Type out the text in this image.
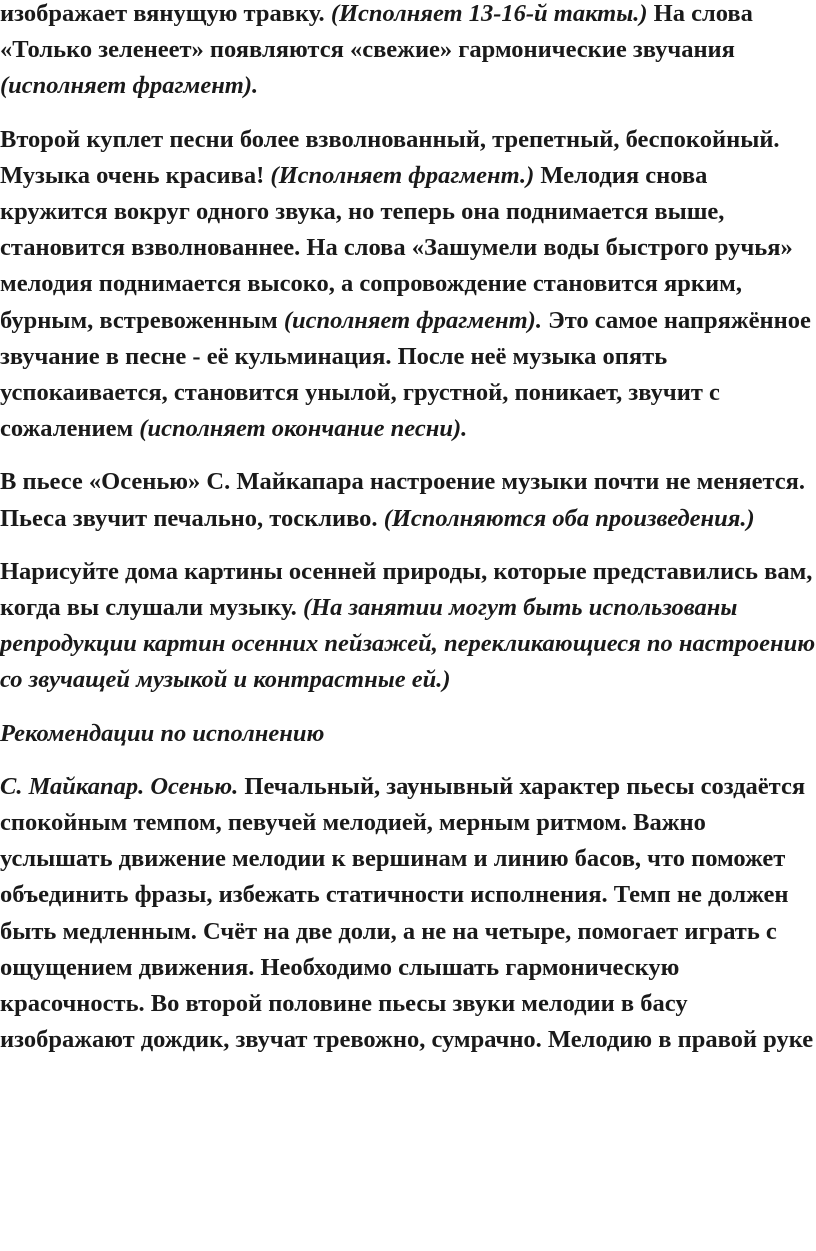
изображает вянущую травку. (Исполняет 13-16-й такты.) На слова «Только зеленеет» появляются «свежие» гармонические звучания (исполняет фрагмент).

Второй куплет песни более взволнованный, трепетный, беспокойный. Музыка очень красива! (Исполняет фрагмент.) Мелодия снова кружится вокруг одного звука, но теперь она поднимается выше, становится взволнованнее. На слова «Зашумели воды быстрого ручья» мелодия поднимается высоко, а сопровождение становится ярким, бурным, встревоженным (исполняет фрагмент). Это самое напряжённое звучание в песне - её кульминация. После неё музыка опять успокаивается, становится унылой, грустной, поникает, звучит с сожалением (исполняет окончание песни).

В пьесе «Осенью» С. Майкапара настроение музыки почти не меняется. Пьеса звучит печально, тоскливо. (Исполняются оба произведения.)

Нарисуйте дома картины осенней природы, которые представились вам, когда вы слушали музыку. (На занятии могут быть использованы репродукции картин осенних пейзажей, перекликающиеся по настроению со звучащей музыкой и контрастные ей.)

Рекомендации по исполнению

С. Майкапар. Осенью. Печальный, заунывный характер пьесы создаётся спокойным темпом, певучей мелодией, мерным ритмом. Важно услышать движение мелодии к вершинам и линию басов, что поможет объединить фразы, избежать статичности исполнения. Темп не должен быть медленным. Счёт на две доли, а не на четыре, помогает играть с ощущением движения. Необходимо слышать гармоническую красочность. Во второй половине пьесы звуки мелодии в басу изображают дождик, звучат тревожно, сумрачно. Мелодию в правой руке
